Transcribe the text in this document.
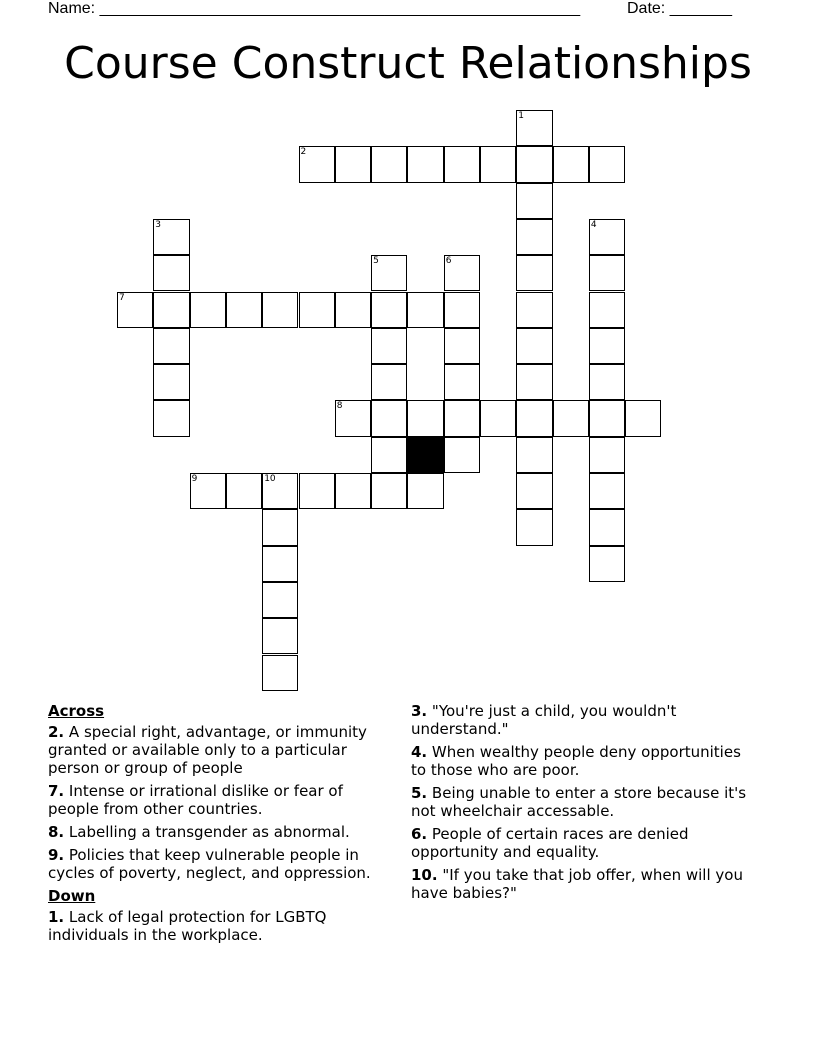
Name: ______________________________________________________	Date: _______
Course Construct Relationships
2
7
8
9	10
1
3	4
5	6
Across
2. A special right, advantage, or immunity granted or available only to a particular person or group of people
7. Intense or irrational dislike or fear of people from other countries.
8. Labelling a transgender as abnormal.
9. Policies that keep vulnerable people in cycles of poverty, neglect, and oppression.
Down
1. Lack of legal protection for LGBTQ individuals in the workplace.
3. "You're just a child, you wouldn't understand."
4. When wealthy people deny opportunities to those who are poor.
5. Being unable to enter a store because it's not wheelchair accessable.
6. People of certain races are denied opportunity and equality.
10. "If you take that job offer, when will you have babies?"
